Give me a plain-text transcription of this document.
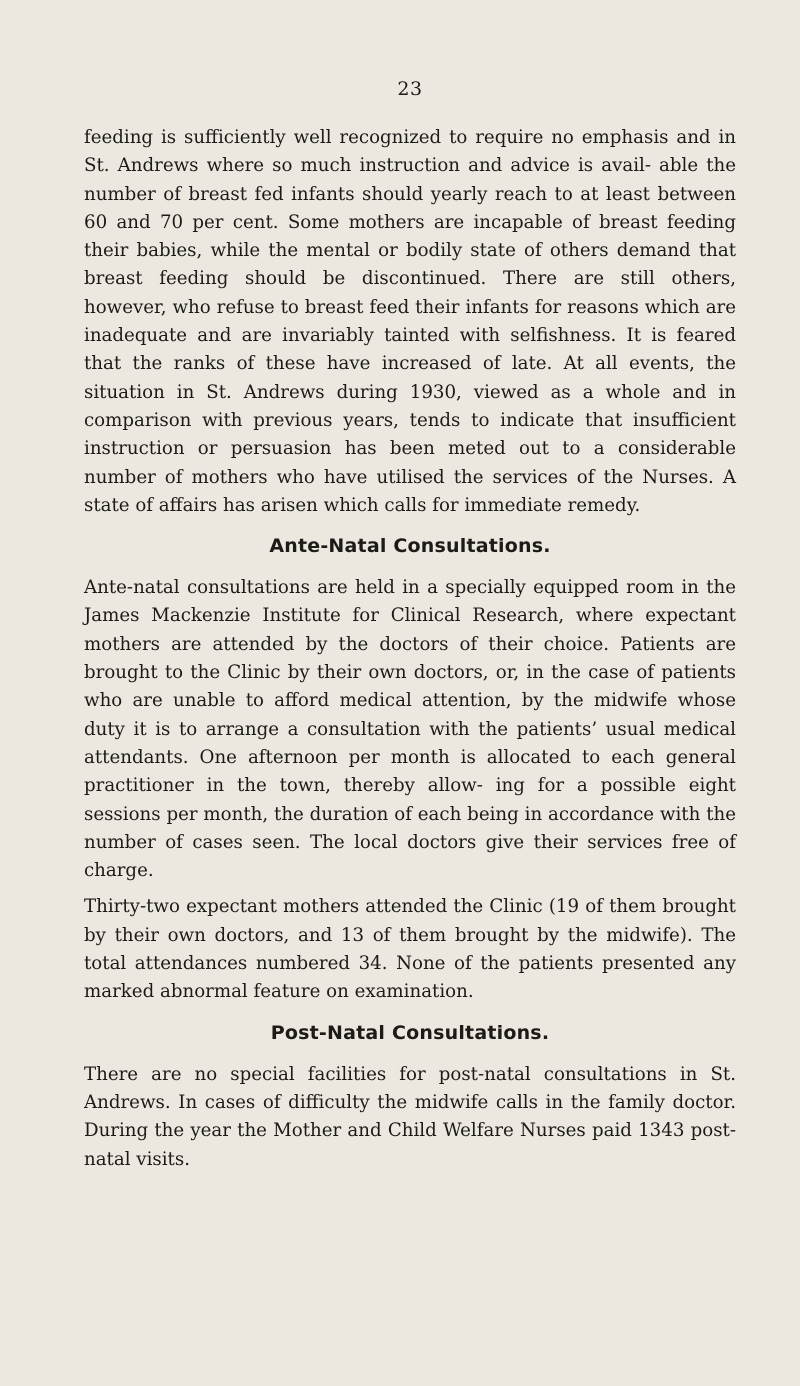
23

feeding is sufficiently well recognized to require no emphasis and in St. Andrews where so much instruction and advice is avail- able the number of breast fed infants should yearly reach to at least between 60 and 70 per cent. Some mothers are incapable of breast feeding their babies, while the mental or bodily state of others demand that breast feeding should be discontinued. There are still others, however, who refuse to breast feed their infants for reasons which are inadequate and are invariably tainted with selfishness. It is feared that the ranks of these have increased of late. At all events, the situation in St. Andrews during 1930, viewed as a whole and in comparison with previous years, tends to indicate that insufficient instruction or persuasion has been meted out to a considerable number of mothers who have utilised the services of the Nurses. A state of affairs has arisen which calls for immediate remedy.

Ante-Natal Consultations.

Ante-natal consultations are held in a specially equipped room in the James Mackenzie Institute for Clinical Research, where expectant mothers are attended by the doctors of their choice. Patients are brought to the Clinic by their own doctors, or, in the case of patients who are unable to afford medical attention, by the midwife whose duty it is to arrange a consultation with the patients’ usual medical attendants. One afternoon per month is allocated to each general practitioner in the town, thereby allow- ing for a possible eight sessions per month, the duration of each being in accordance with the number of cases seen. The local doctors give their services free of charge.

Thirty-two expectant mothers attended the Clinic (19 of them brought by their own doctors, and 13 of them brought by the midwife). The total attendances numbered 34. None of the patients presented any marked abnormal feature on examination.

Post-Natal Consultations.

There are no special facilities for post-natal consultations in St. Andrews. In cases of difficulty the midwife calls in the family doctor. During the year the Mother and Child Welfare Nurses paid 1343 post-natal visits.
